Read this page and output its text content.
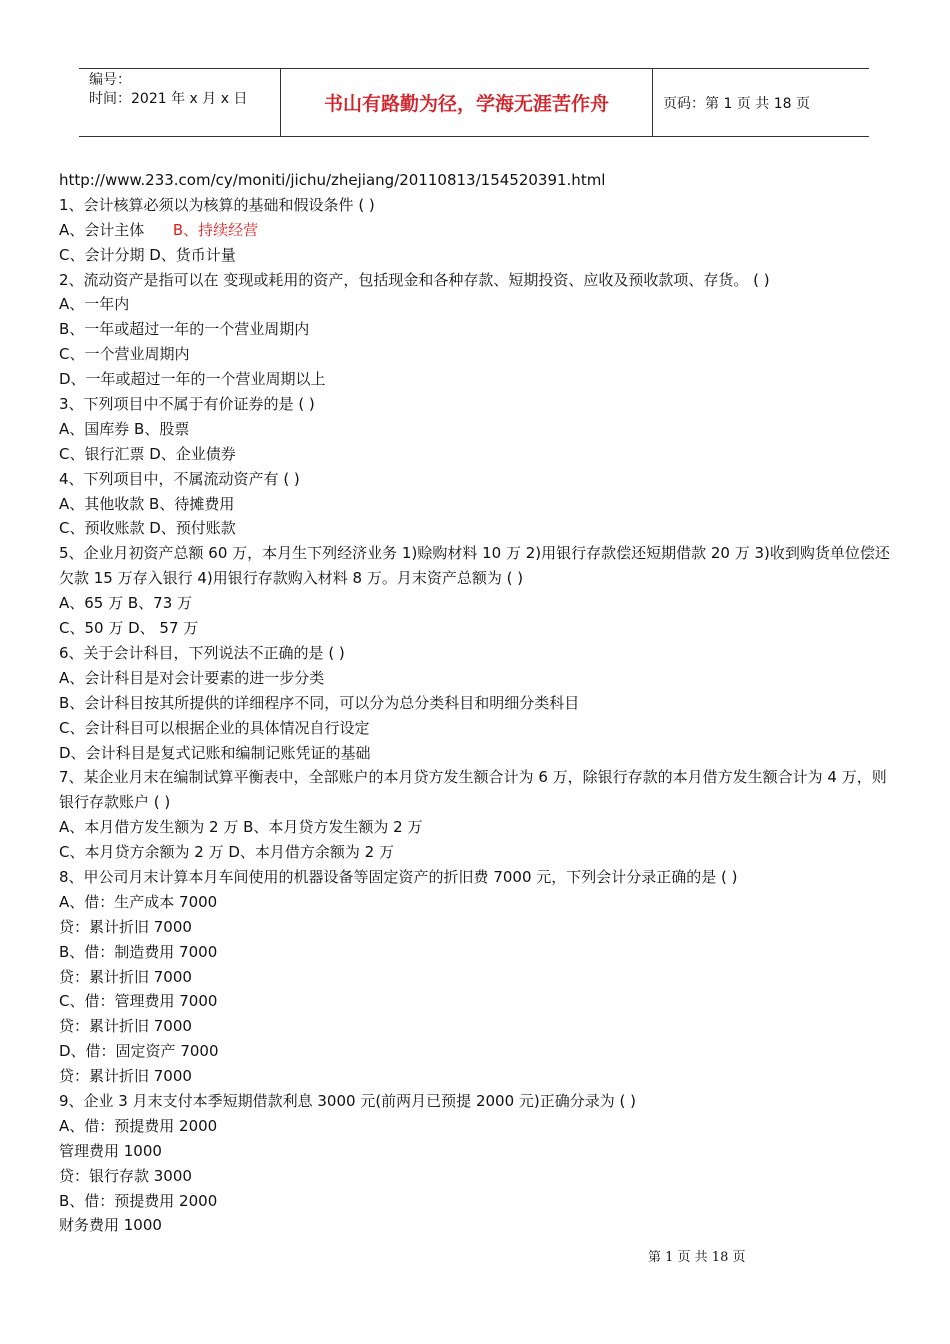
编号：
时间：2021 年 x 月 x 日	书山有路勤为径，学海无涯苦作舟	页码：第 1 页 共 18 页
http://www.233.com/cy/moniti/jichu/zhejiang/20110813/154520391.html
1、会计核算必须以为核算的基础和假设条件 ( )
A、会计主体 B、持续经营
C、会计分期 D、货币计量
2、流动资产是指可以在 变现或耗用的资产，包括现金和各种存款、短期投资、应收及预收款项、存货。 ( )
A、一年内
B、一年或超过一年的一个营业周期内
C、一个营业周期内
D、一年或超过一年的一个营业周期以上
3、下列项目中不属于有价证券的是 ( )
A、国库券 B、股票
C、银行汇票 D、企业债券
4、下列项目中，不属流动资产有 ( )
A、其他收款 B、待摊费用
C、预收账款 D、预付账款
5、企业月初资产总额 60 万，本月生下列经济业务 1)赊购材料 10 万 2)用银行存款偿还短期借款 20 万 3)收到购货单位偿还欠款 15 万存入银行 4)用银行存款购入材料 8 万。月末资产总额为 ( )
A、65 万 B、73 万
C、50 万 D、 57 万
6、关于会计科目，下列说法不正确的是 ( )
A、会计科目是对会计要素的进一步分类
B、会计科目按其所提供的详细程序不同，可以分为总分类科目和明细分类科目
C、会计科目可以根据企业的具体情况自行设定
D、会计科目是复式记账和编制记账凭证的基础
7、某企业月末在编制试算平衡表中，全部账户的本月贷方发生额合计为 6 万，除银行存款的本月借方发生额合计为 4 万，则银行存款账户 ( )
A、本月借方发生额为 2 万 B、本月贷方发生额为 2 万
C、本月贷方余额为 2 万 D、本月借方余额为 2 万
8、甲公司月末计算本月车间使用的机器设备等固定资产的折旧费 7000 元，下列会计分录正确的是 ( )
A、借：生产成本 7000
贷：累计折旧 7000
B、借：制造费用 7000
贷：累计折旧 7000
C、借：管理费用 7000
贷：累计折旧 7000
D、借：固定资产 7000
贷：累计折旧 7000
9、企业 3 月末支付本季短期借款利息 3000 元(前两月已预提 2000 元)正确分录为 ( )
A、借：预提费用 2000
管理费用 1000
贷：银行存款 3000
B、借：预提费用 2000
财务费用 1000
第 1 页 共 18 页
